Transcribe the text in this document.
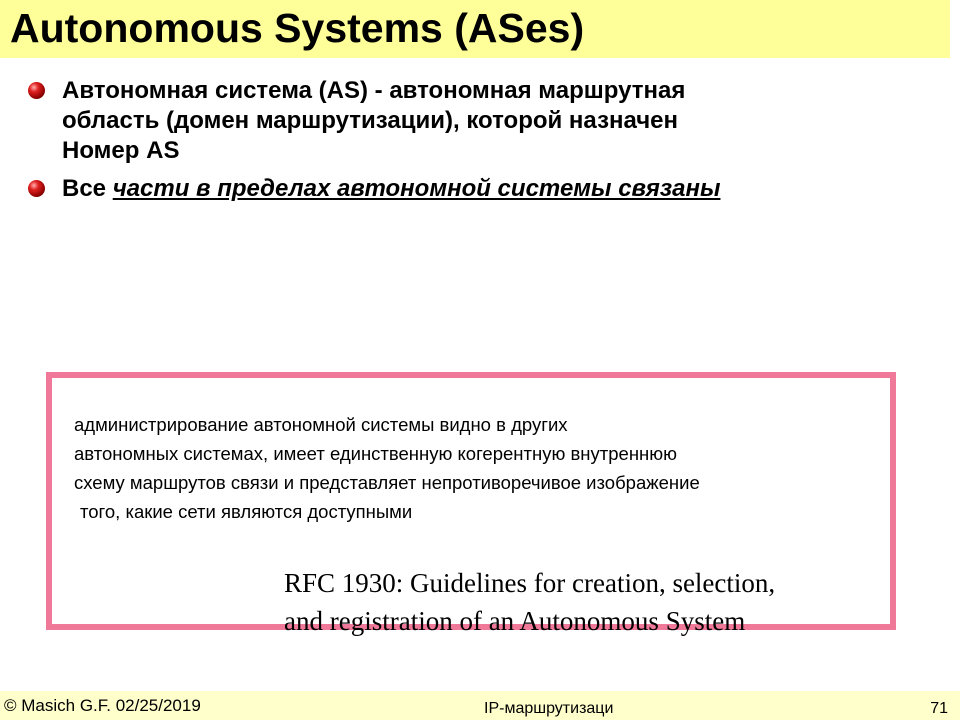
Autonomous Systems (ASes)
Автономная система (AS) - автономная маршрутная
область (домен маршрутизации), которой назначен
Номер AS
Все части в пределах автономной системы связаны
администрирование автономной системы видно в других
автономных системах, имеет единственную когерентную внутреннюю
схему маршрутов связи и представляет непротиворечивое изображение
того, какие сети являются доступными
RFC 1930: Guidelines for creation, selection,
and registration of an Autonomous System
© Masich G.F. 02/25/2019	IP-маршрутизаци	71
